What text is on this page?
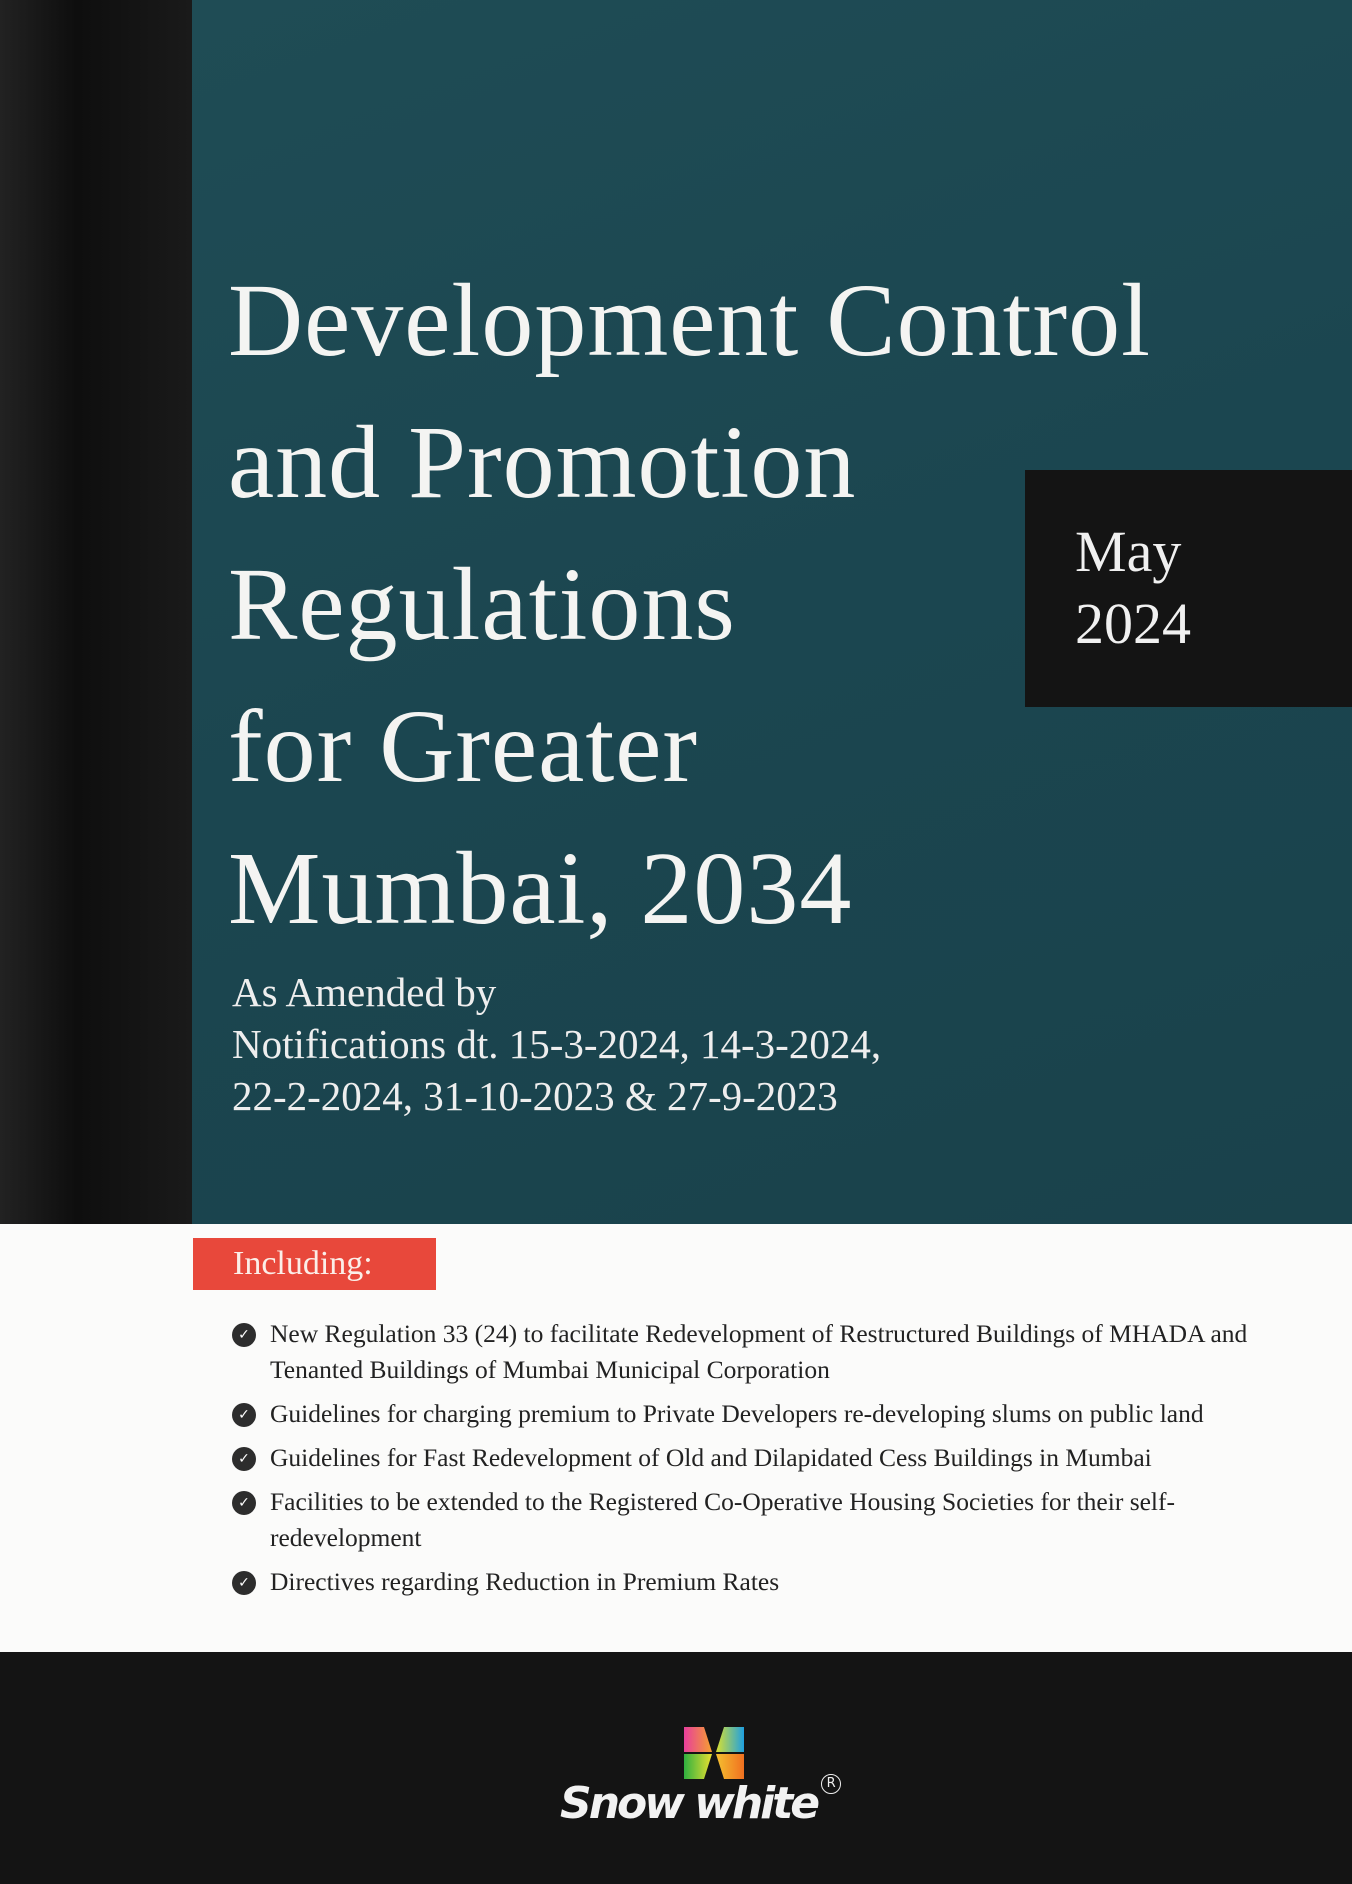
Development Control
and Promotion
Regulations
for Greater
Mumbai, 2034
May
2024
As Amended by
Notifications dt. 15-3-2024, 14-3-2024,
22-2-2024, 31-10-2023 & 27-9-2023
Including:
✓ New Regulation 33 (24) to facilitate Redevelopment of Restructured Buildings of MHADA and Tenanted Buildings of Mumbai Municipal Corporation
✓ Guidelines for charging premium to Private Developers re-developing slums on public land
✓ Guidelines for Fast Redevelopment of Old and Dilapidated Cess Buildings in Mumbai
✓ Facilities to be extended to the Registered Co-Operative Housing Societies for their self-redevelopment
✓ Directives regarding Reduction in Premium Rates
Snow white R
